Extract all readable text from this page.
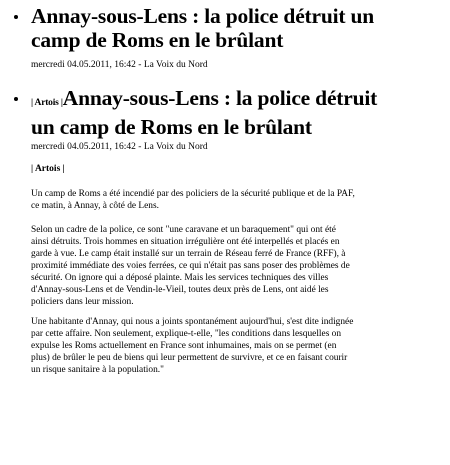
Annay-sous-Lens : la police détruit un
camp de Roms en le brûlant

mercredi 04.05.2011, 16:42 - La Voix du Nord

| Artois |Annay-sous-Lens : la police détruit
un camp de Roms en le brûlant

mercredi 04.05.2011, 16:42 - La Voix du Nord

| Artois |

Un camp de Roms a été incendié par des policiers de la sécurité publique et de la PAF,
ce matin, à Annay, à côté de Lens.
Selon un cadre de la police, ce sont "une caravane et un baraquement" qui ont été
ainsi détruits. Trois hommes en situation irrégulière ont été interpellés et placés en
garde à vue. Le camp était installé sur un terrain de Réseau ferré de France (RFF), à
proximité immédiate des voies ferrées, ce qui n'était pas sans poser des problèmes de
sécurité. On ignore qui a déposé plainte. Mais les services techniques des villes
d'Annay-sous-Lens et de Vendin-le-Vieil, toutes deux près de Lens, ont aidé les
policiers dans leur mission.
Une habitante d'Annay, qui nous a joints spontanément aujourd'hui, s'est dite indignée
par cette affaire. Non seulement, explique-t-elle, "les conditions dans lesquelles on
expulse les Roms actuellement en France sont inhumaines, mais on se permet (en
plus) de brûler le peu de biens qui leur permettent de survivre, et ce en faisant courir
un risque sanitaire à la population."
